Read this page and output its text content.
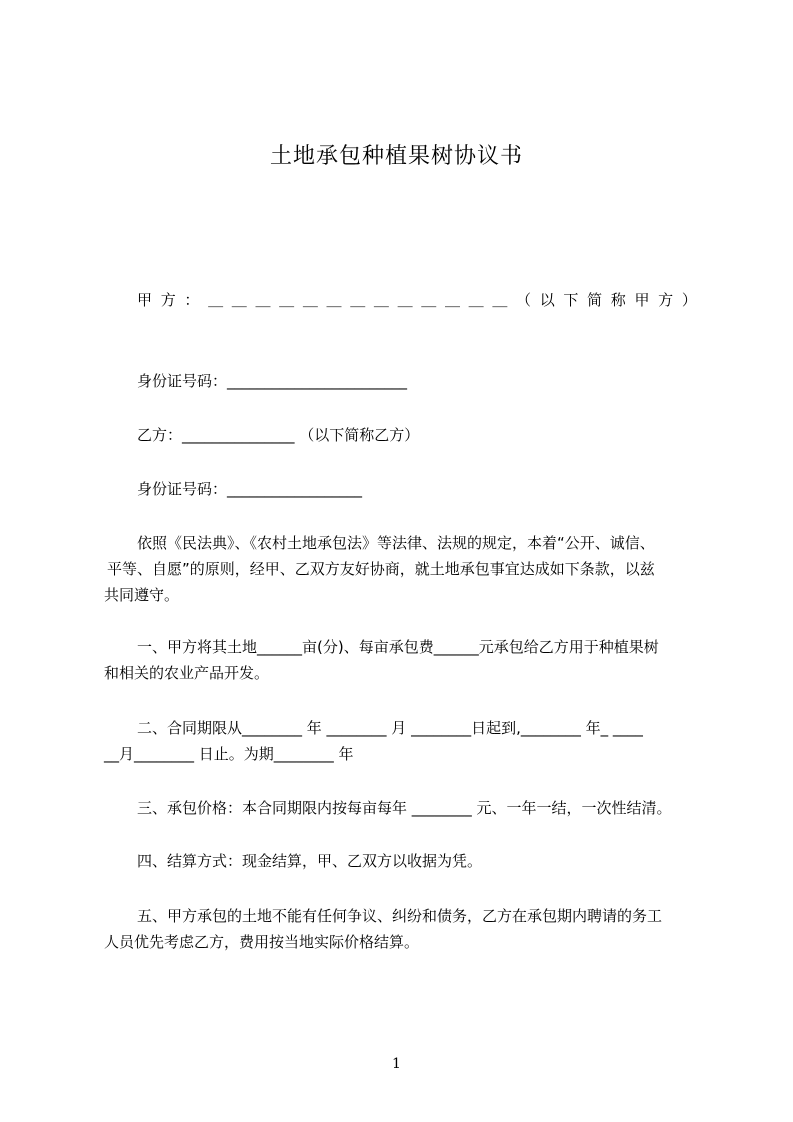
土地承包种植果树协议书
甲 方 ： ＿ ＿ ＿ ＿ ＿ ＿ ＿ ＿ ＿ ＿ ＿ ＿ ＿ （ 以 下 简 称 甲 方 ）

身份证号码：________________________

乙方：_______________ （以下简称乙方）

身份证号码：__________________

依照《民法典》、《农村土地承包法》等法律、法规的规定，本着“公开、诚信、

平等、自愿”的原则，经甲、乙双方友好协商，就土地承包事宜达成如下条款，以兹

共同遵守。

一、甲方将其土地______亩(分)、每亩承包费______元承包给乙方用于种植果树

和相关的农业产品开发。

二、合同期限从________ 年 ________ 月 ________日起到,________ 年_ ____

__月________ 日止。为期________ 年

三、承包价格：本合同期限内按每亩每年 ________ 元、一年一结，一次性结清。

四、结算方式：现金结算，甲、乙双方以收据为凭。

五、甲方承包的土地不能有任何争议、纠纷和债务，乙方在承包期内聘请的务工

人员优先考虑乙方，费用按当地实际价格结算。

1
